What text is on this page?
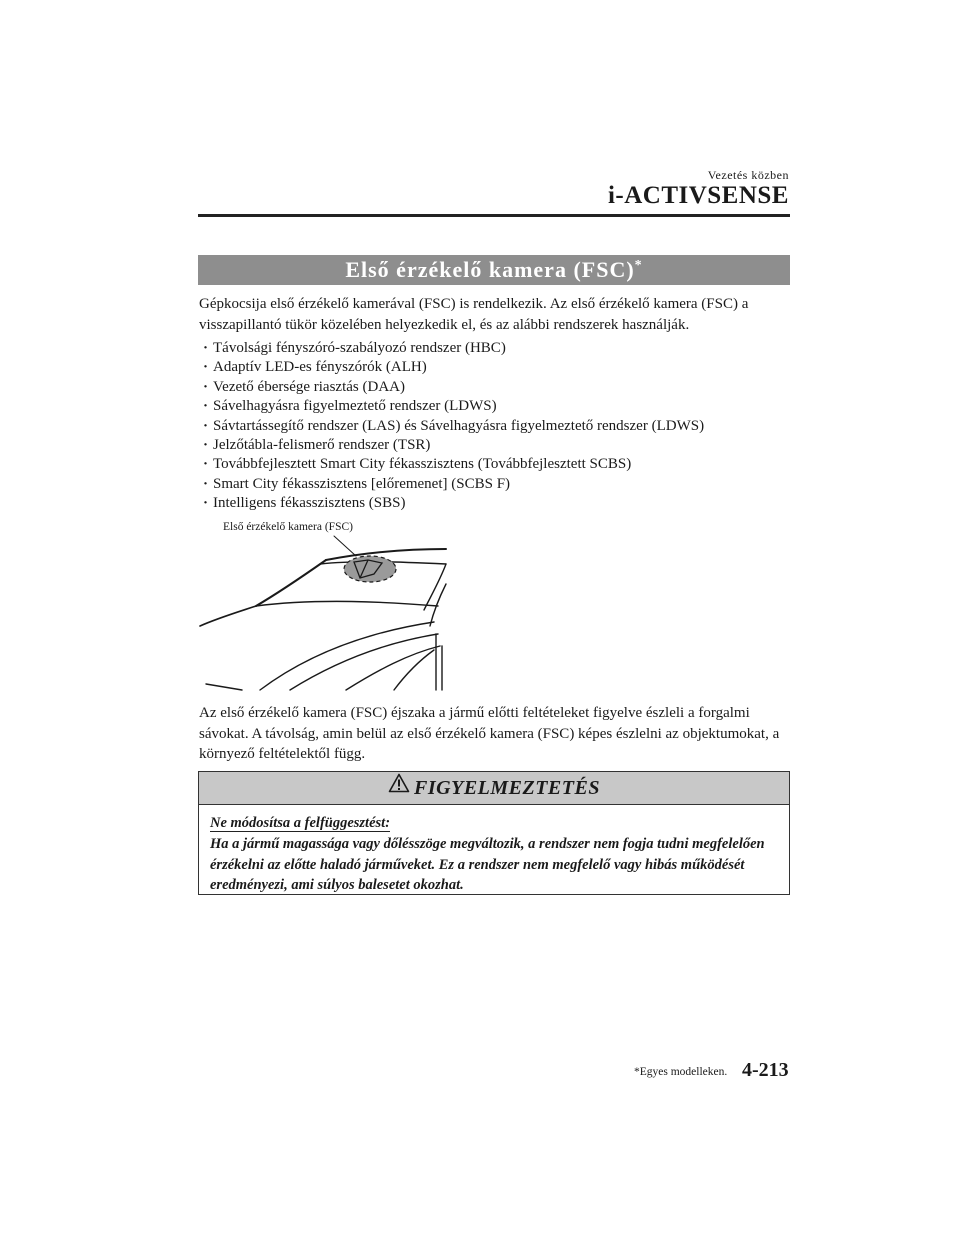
Vezetés közben
i-ACTIVSENSE
Első érzékelő kamera (FSC)*

Gépkocsija első érzékelő kamerával (FSC) is rendelkezik. Az első érzékelő kamera (FSC) a visszapillantó tükör közelében helyezkedik el, és az alábbi rendszerek használják.

· Távolsági fényszóró-szabályozó rendszer (HBC)
· Adaptív LED-es fényszórók (ALH)
· Vezető ébersége riasztás (DAA)
· Sávelhagyásra figyelmeztető rendszer (LDWS)
· Sávtartássegítő rendszer (LAS) és Sávelhagyásra figyelmeztető rendszer (LDWS)
· Jelzőtábla-felismerő rendszer (TSR)
· Továbbfejlesztett Smart City fékasszisztens (Továbbfejlesztett SCBS)
· Smart City fékasszisztens [előremenet] (SCBS F)
· Intelligens fékasszisztens (SBS)
Első érzékelő kamera (FSC)

Az első érzékelő kamera (FSC) éjszaka a jármű előtti feltételeket figyelve észleli a forgalmi sávokat. A távolság, amin belül az első érzékelő kamera (FSC) képes észlelni az objektumokat, a környező feltételektől függ.

FIGYELMEZTETÉS
Ne módosítsa a felfüggesztést:
Ha a jármű magassága vagy dőlésszöge megváltozik, a rendszer nem fogja tudni megfelelően érzékelni az előtte haladó járműveket. Ez a rendszer nem megfelelő vagy hibás működését eredményezi, ami súlyos balesetet okozhat.
*Egyes modelleken. 4-213
